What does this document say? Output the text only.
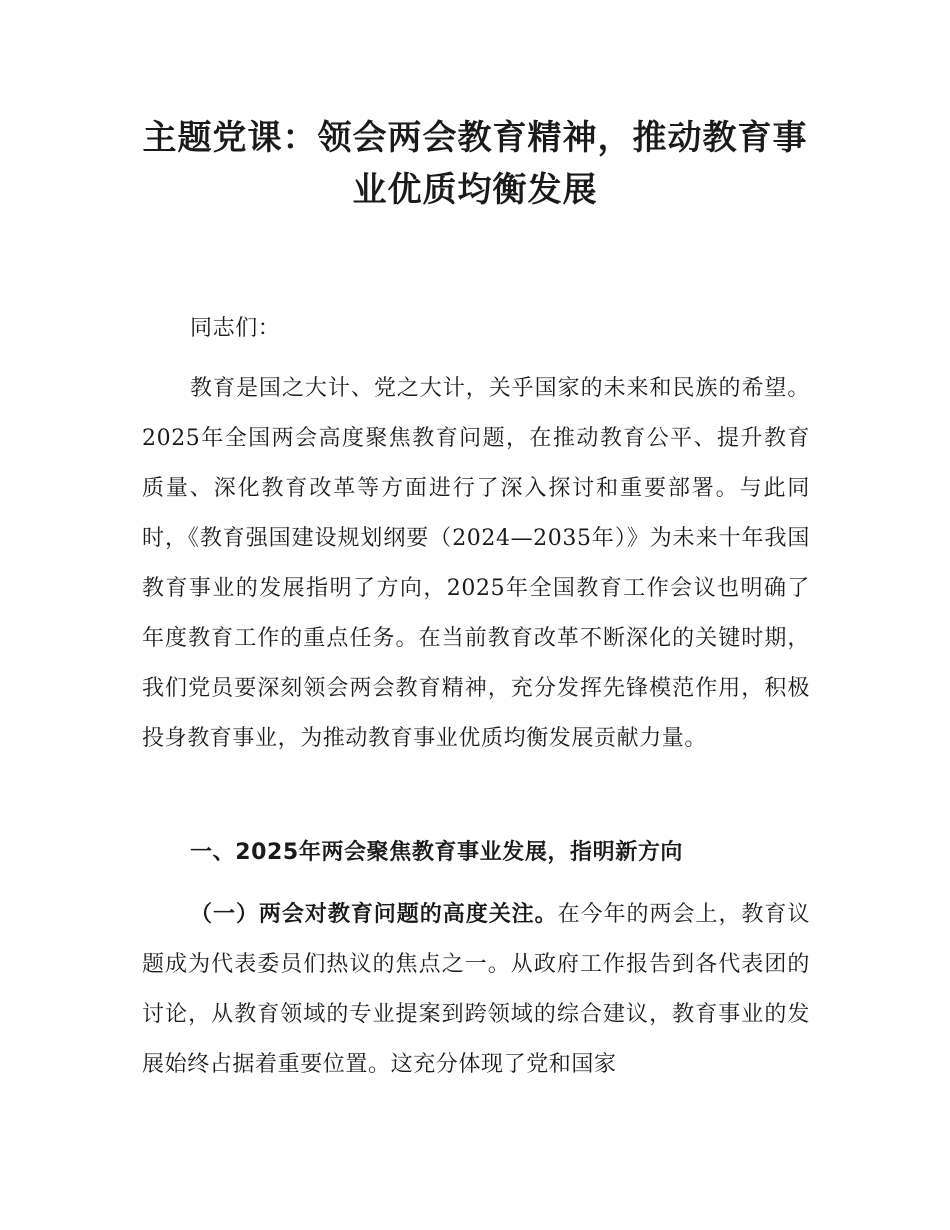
主题党课：领会两会教育精神，推动教育事
业优质均衡发展

同志们：

教育是国之大计、党之大计，关乎国家的未来和民族的希望。2025年全国两会高度聚焦教育问题，在推动教育公平、提升教育质量、深化教育改革等方面进行了深入探讨和重要部署。与此同时，《教育强国建设规划纲要（2024—2035年）》为未来十年我国教育事业的发展指明了方向，2025年全国教育工作会议也明确了年度教育工作的重点任务。在当前教育改革不断深化的关键时期，我们党员要深刻领会两会教育精神，充分发挥先锋模范作用，积极投身教育事业，为推动教育事业优质均衡发展贡献力量。

一、2025年两会聚焦教育事业发展，指明新方向

（一）两会对教育问题的高度关注。在今年的两会上，教育议题成为代表委员们热议的焦点之一。从政府工作报告到各代表团的讨论，从教育领域的专业提案到跨领域的综合建议，教育事业的发展始终占据着重要位置。这充分体现了党和国家
